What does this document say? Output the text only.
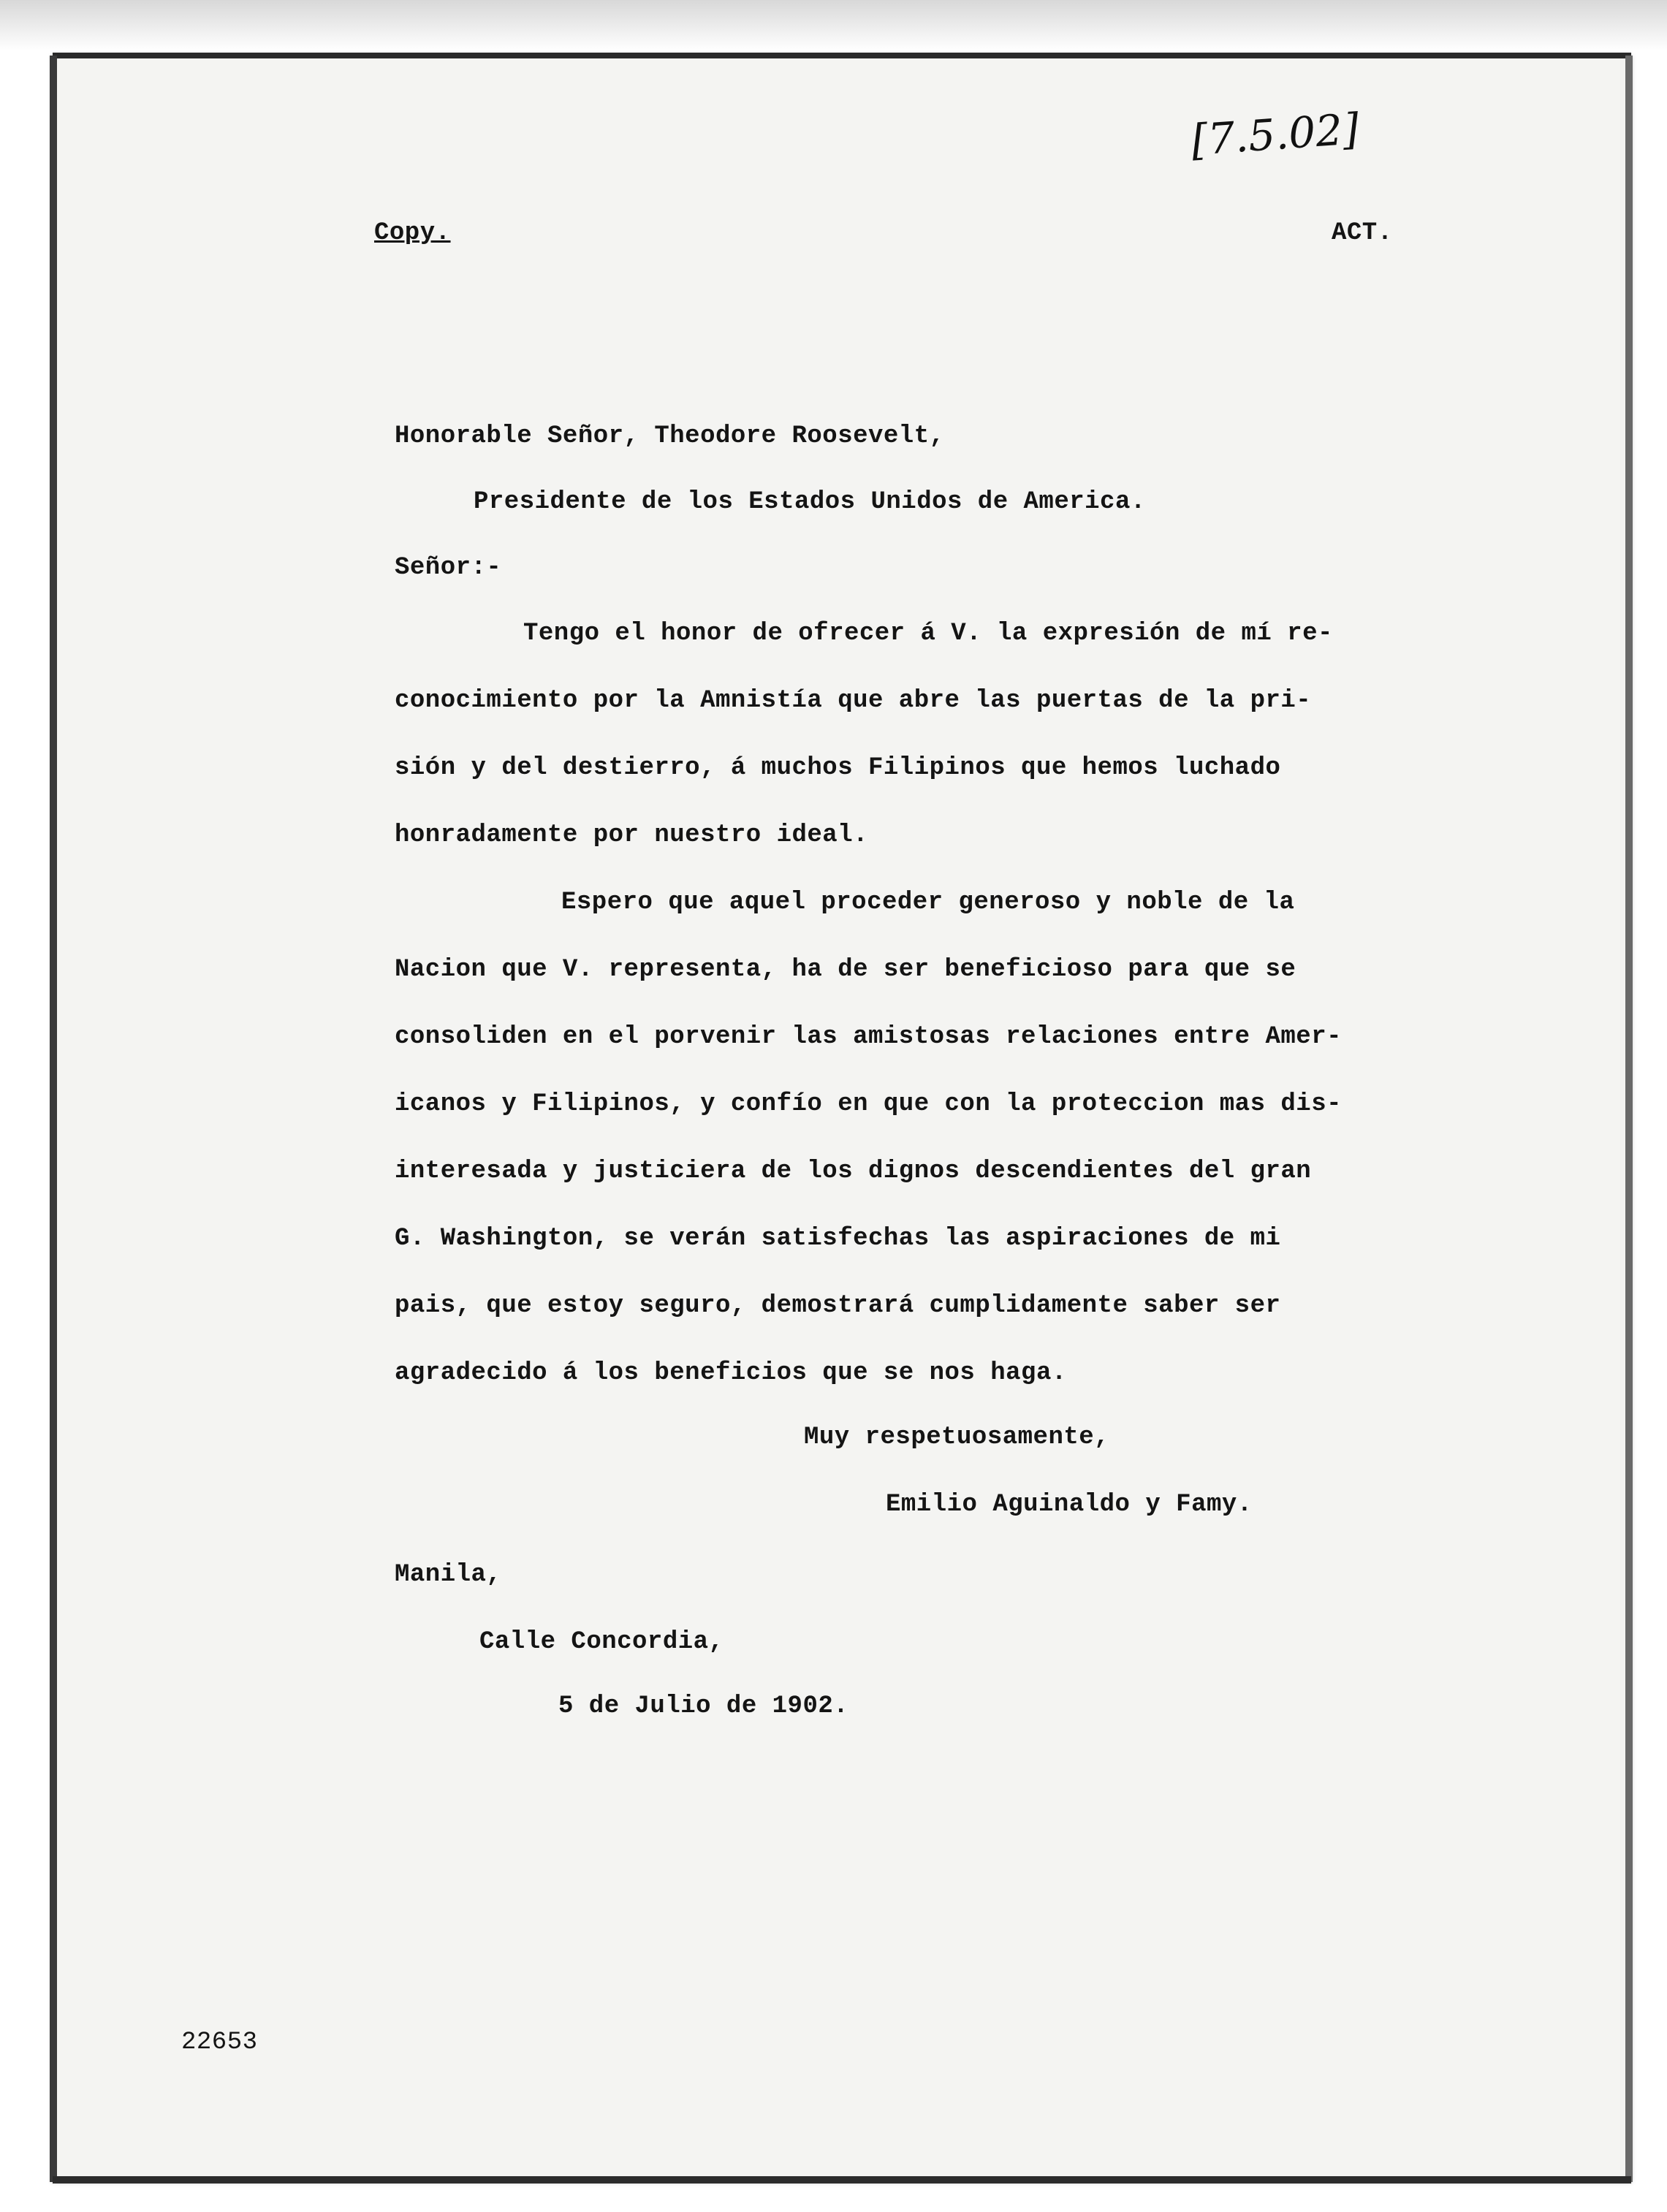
[7.5.02]
Copy.	ACT.
Honorable Señor, Theodore Roosevelt,
Presidente de los Estados Unidos de America.
Señor:-
Tengo el honor de ofrecer á V. la expresión de mí re-
conocimiento por la Amnistía que abre las puertas de la pri-
sión y del destierro, á muchos Filipinos que hemos luchado
honradamente por nuestro ideal.
Espero que aquel proceder generoso y noble de la
Nacion que V. representa, ha de ser beneficioso para que se
consoliden en el porvenir las amistosas relaciones entre Amer-
icanos y Filipinos, y confío en que con la proteccion mas dis-
interesada y justiciera de los dignos descendientes del gran
G. Washington, se verán satisfechas las aspiraciones de mi
pais, que estoy seguro, demostrará cumplidamente saber ser
agradecido á los beneficios que se nos haga.
Muy respetuosamente,
Emilio Aguinaldo y Famy.
Manila,
Calle Concordia,
5 de Julio de 1902.
22653
